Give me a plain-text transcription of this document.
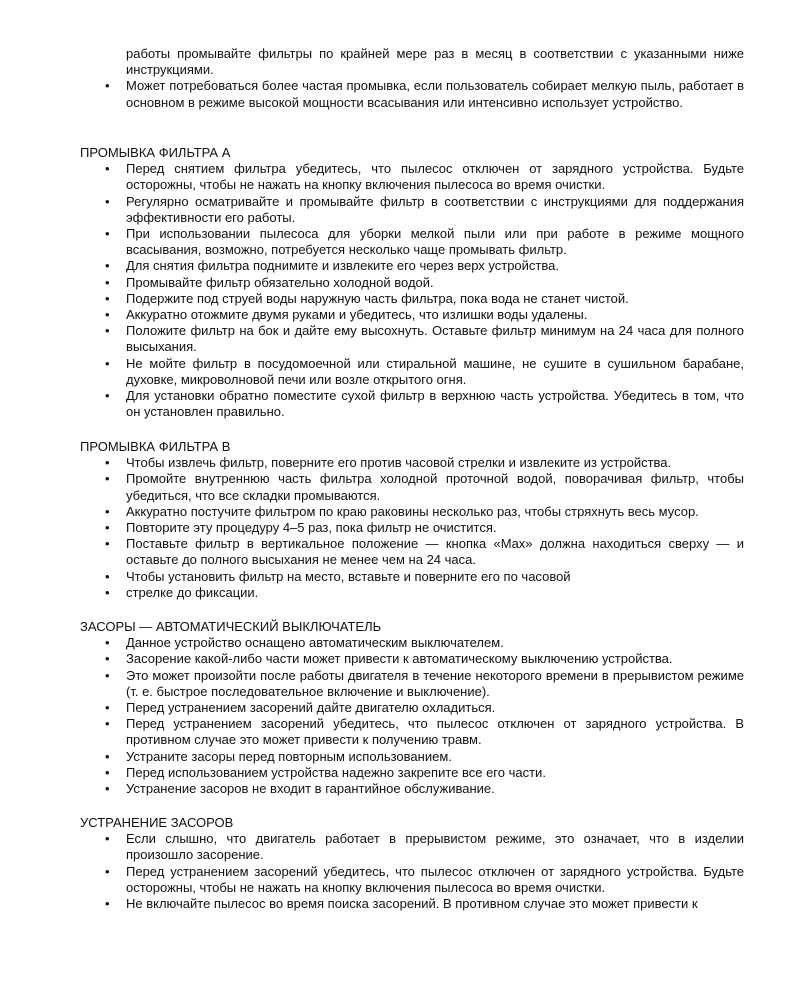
работы промывайте фильтры по крайней мере раз в месяц в соответствии с указанными ниже инструкциями.

• Может потребоваться более частая промывка, если пользователь собирает мелкую пыль, работает в основном в режиме высокой мощности всасывания или интенсивно использует устройство.
ПРОМЫВКА ФИЛЬТРА A
• Перед снятием фильтра убедитесь, что пылесос отключен от зарядного устройства. Будьте осторожны, чтобы не нажать на кнопку включения пылесоса во время очистки.
• Регулярно осматривайте и промывайте фильтр в соответствии с инструкциями для поддержания эффективности его работы.
• При использовании пылесоса для уборки мелкой пыли или при работе в режиме мощного всасывания, возможно, потребуется несколько чаще промывать фильтр.
• Для снятия фильтра поднимите и извлеките его через верх устройства.
• Промывайте фильтр обязательно холодной водой.
• Подержите под струей воды наружную часть фильтра, пока вода не станет чистой.
• Аккуратно отожмите двумя руками и убедитесь, что излишки воды удалены.
• Положите фильтр на бок и дайте ему высохнуть. Оставьте фильтр минимум на 24 часа для полного высыхания.
• Не мойте фильтр в посудомоечной или стиральной машине, не сушите в сушильном барабане, духовке, микроволновой печи или возле открытого огня.
• Для установки обратно поместите сухой фильтр в верхнюю часть устройства. Убедитесь в том, что он установлен правильно.
ПРОМЫВКА ФИЛЬТРА B
• Чтобы извлечь фильтр, поверните его против часовой стрелки и извлеките из устройства.
• Промойте внутреннюю часть фильтра холодной проточной водой, поворачивая фильтр, чтобы убедиться, что все складки промываются.
• Аккуратно постучите фильтром по краю раковины несколько раз, чтобы стряхнуть весь мусор.
• Повторите эту процедуру 4–5 раз, пока фильтр не очистится.
• Поставьте фильтр в вертикальное положение — кнопка «Max» должна находиться сверху — и оставьте до полного высыхания не менее чем на 24 часа.
• Чтобы установить фильтр на место, вставьте и поверните его по часовой
• стрелке до фиксации.
ЗАСОРЫ — АВТОМАТИЧЕСКИЙ ВЫКЛЮЧАТЕЛЬ
• Данное устройство оснащено автоматическим выключателем.
• Засорение какой-либо части может привести к автоматическому выключению устройства.
• Это может произойти после работы двигателя в течение некоторого времени в прерывистом режиме (т. е. быстрое последовательное включение и выключение).
• Перед устранением засорений дайте двигателю охладиться.
• Перед устранением засорений убедитесь, что пылесос отключен от зарядного устройства. В противном случае это может привести к получению травм.
• Устраните засоры перед повторным использованием.
• Перед использованием устройства надежно закрепите все его части.
• Устранение засоров не входит в гарантийное обслуживание.
УСТРАНЕНИЕ ЗАСОРОВ
• Если слышно, что двигатель работает в прерывистом режиме, это означает, что в изделии произошло засорение.
• Перед устранением засорений убедитесь, что пылесос отключен от зарядного устройства. Будьте осторожны, чтобы не нажать на кнопку включения пылесоса во время очистки.
• Не включайте пылесос во время поиска засорений. В противном случае это может привести к
